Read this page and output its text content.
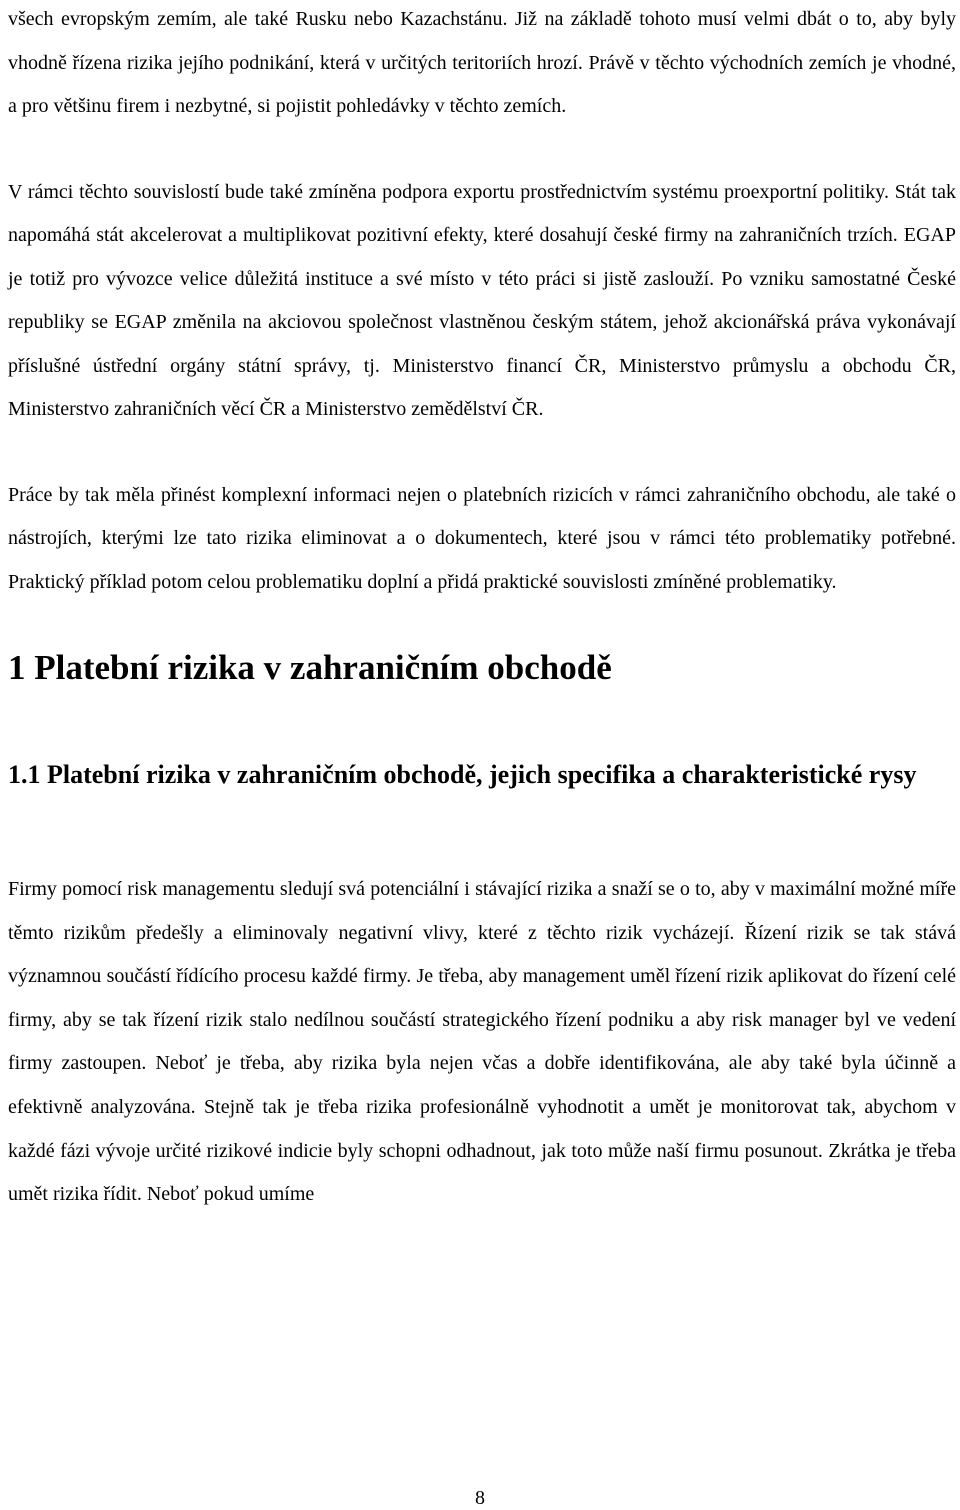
všech evropským zemím, ale také Rusku nebo Kazachstánu. Již na základě tohoto musí velmi dbát o to, aby byly vhodně řízena rizika jejího podnikání, která v určitých teritoriích hrozí. Právě v těchto východních zemích je vhodné, a pro většinu firem i nezbytné, si pojistit pohledávky v těchto zemích.

V rámci těchto souvislostí bude také zmíněna podpora exportu prostřednictvím systému proexportní politiky. Stát tak napomáhá stát akcelerovat a multiplikovat pozitivní efekty, které dosahují české firmy na zahraničních trzích. EGAP je totiž pro vývozce velice důležitá instituce a své místo v této práci si jistě zaslouží. Po vzniku samostatné České republiky se EGAP změnila na akciovou společnost vlastněnou českým státem, jehož akcionářská práva vykonávají příslušné ústřední orgány státní správy, tj. Ministerstvo financí ČR, Ministerstvo průmyslu a obchodu ČR, Ministerstvo zahraničních věcí ČR a Ministerstvo zemědělství ČR.

Práce by tak měla přinést komplexní informaci nejen o platebních rizicích v rámci zahraničního obchodu, ale také o nástrojích, kterými lze tato rizika eliminovat a o dokumentech, které jsou v rámci této problematiky potřebné. Praktický příklad potom celou problematiku doplní a přidá praktické souvislosti zmíněné problematiky.

1 Platební rizika v zahraničním obchodě
1.1 Platební rizika v zahraničním obchodě, jejich specifika a charakteristické rysy

Firmy pomocí risk managementu sledují svá potenciální i stávající rizika a snaží se o to, aby v maximální možné míře těmto rizikům předešly a eliminovaly negativní vlivy, které z těchto rizik vycházejí. Řízení rizik se tak stává významnou součástí řídícího procesu každé firmy. Je třeba, aby management uměl řízení rizik aplikovat do řízení celé firmy, aby se tak řízení rizik stalo nedílnou součástí strategického řízení podniku a aby risk manager byl ve vedení firmy zastoupen. Neboť je třeba, aby rizika byla nejen včas a dobře identifikována, ale aby také byla účinně a efektivně analyzována. Stejně tak je třeba rizika profesionálně vyhodnotit a umět je monitorovat tak, abychom v každé fázi vývoje určité rizikové indicie byly schopni odhadnout, jak toto může naší firmu posunout. Zkrátka je třeba umět rizika řídit. Neboť pokud umíme

8
